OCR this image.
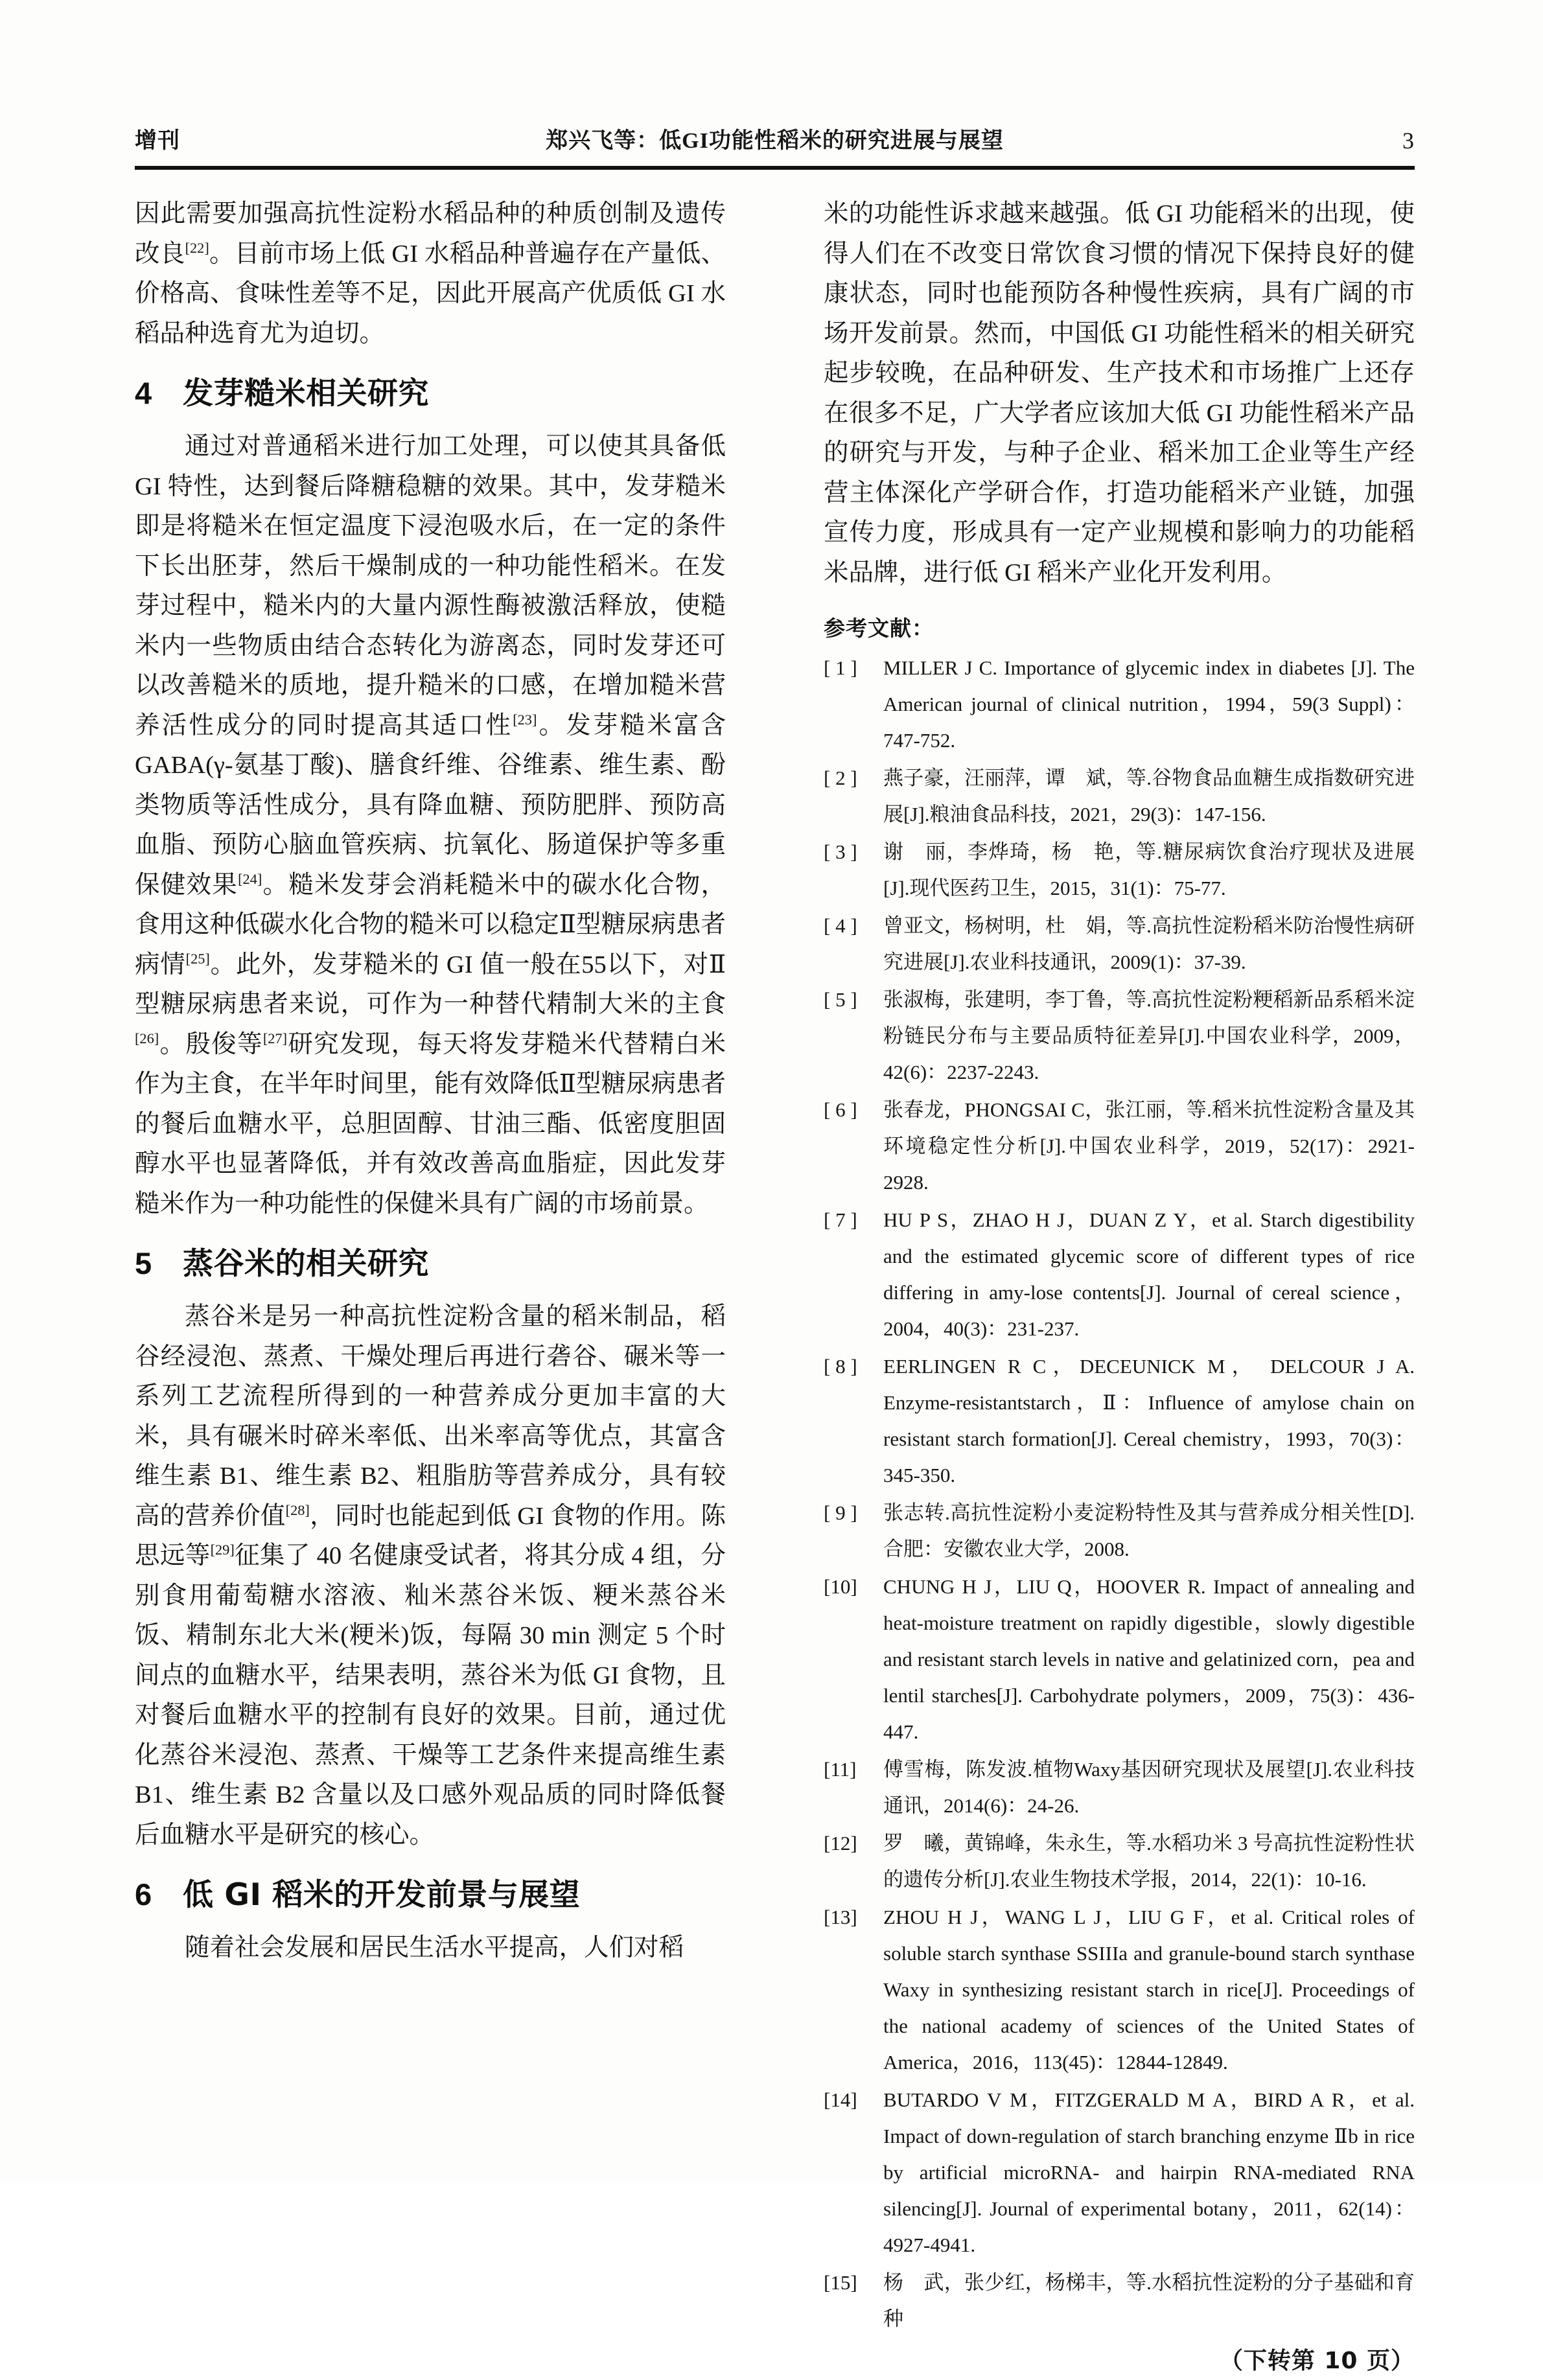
增刊	郑兴飞等：低GI功能性稻米的研究进展与展望	3

因此需要加强高抗性淀粉水稻品种的种质创制及遗传改良[22]。目前市场上低 GI 水稻品种普遍存在产量低、价格高、食味性差等不足，因此开展高产优质低 GI 水稻品种选育尤为迫切。

4 发芽糙米相关研究

通过对普通稻米进行加工处理，可以使其具备低 GI 特性，达到餐后降糖稳糖的效果。其中，发芽糙米即是将糙米在恒定温度下浸泡吸水后，在一定的条件下长出胚芽，然后干燥制成的一种功能性稻米。在发芽过程中，糙米内的大量内源性酶被激活释放，使糙米内一些物质由结合态转化为游离态，同时发芽还可以改善糙米的质地，提升糙米的口感，在增加糙米营养活性成分的同时提高其适口性[23]。发芽糙米富含GABA(γ-氨基丁酸)、膳食纤维、谷维素、维生素、酚类物质等活性成分，具有降血糖、预防肥胖、预防高血脂、预防心脑血管疾病、抗氧化、肠道保护等多重保健效果[24]。糙米发芽会消耗糙米中的碳水化合物，食用这种低碳水化合物的糙米可以稳定Ⅱ型糖尿病患者病情[25]。此外，发芽糙米的 GI 值一般在55以下，对Ⅱ型糖尿病患者来说，可作为一种替代精制大米的主食[26]。殷俊等[27]研究发现，每天将发芽糙米代替精白米作为主食，在半年时间里，能有效降低Ⅱ型糖尿病患者的餐后血糖水平，总胆固醇、甘油三酯、低密度胆固醇水平也显著降低，并有效改善高血脂症，因此发芽糙米作为一种功能性的保健米具有广阔的市场前景。

5 蒸谷米的相关研究

蒸谷米是另一种高抗性淀粉含量的稻米制品，稻谷经浸泡、蒸煮、干燥处理后再进行砻谷、碾米等一系列工艺流程所得到的一种营养成分更加丰富的大米，具有碾米时碎米率低、出米率高等优点，其富含维生素 B1、维生素 B2、粗脂肪等营养成分，具有较高的营养价值[28]，同时也能起到低 GI 食物的作用。陈思远等[29]征集了 40 名健康受试者，将其分成 4 组，分别食用葡萄糖水溶液、籼米蒸谷米饭、粳米蒸谷米饭、精制东北大米(粳米)饭，每隔 30 min 测定 5 个时间点的血糖水平，结果表明，蒸谷米为低 GI 食物，且对餐后血糖水平的控制有良好的效果。目前，通过优化蒸谷米浸泡、蒸煮、干燥等工艺条件来提高维生素 B1、维生素 B2 含量以及口感外观品质的同时降低餐后血糖水平是研究的核心。

6 低 GI 稻米的开发前景与展望

随着社会发展和居民生活水平提高，人们对稻

米的功能性诉求越来越强。低 GI 功能稻米的出现，使得人们在不改变日常饮食习惯的情况下保持良好的健康状态，同时也能预防各种慢性疾病，具有广阔的市场开发前景。然而，中国低 GI 功能性稻米的相关研究起步较晚，在品种研发、生产技术和市场推广上还存在很多不足，广大学者应该加大低 GI 功能性稻米产品的研究与开发，与种子企业、稻米加工企业等生产经营主体深化产学研合作，打造功能稻米产业链，加强宣传力度，形成具有一定产业规模和影响力的功能稻米品牌，进行低 GI 稻米产业化开发利用。

参考文献：
[ 1 ]	MILLER J C. Importance of glycemic index in diabetes [J]. The American journal of clinical nutrition，1994，59(3 Suppl)：747-752.
[ 2 ]	燕子豪，汪丽萍，谭　斌，等.谷物食品血糖生成指数研究进展[J].粮油食品科技，2021，29(3)：147-156.
[ 3 ]	谢　丽，李烨琦，杨　艳，等.糖尿病饮食治疗现状及进展 [J].现代医药卫生，2015，31(1)：75-77.
[ 4 ]	曾亚文，杨树明，杜　娟，等.高抗性淀粉稻米防治慢性病研究进展[J].农业科技通讯，2009(1)：37-39.
[ 5 ]	张淑梅，张建明，李丁鲁，等.高抗性淀粉粳稻新品系稻米淀粉链民分布与主要品质特征差异[J].中国农业科学，2009，42(6)：2237-2243.
[ 6 ]	张春龙，PHONGSAI C，张江丽，等.稻米抗性淀粉含量及其环境稳定性分析[J].中国农业科学，2019，52(17)：2921-2928.
[ 7 ]	HU P S，ZHAO H J，DUAN Z Y，et al. Starch digestibility and the estimated glycemic score of different types of rice differing in amy-lose contents[J]. Journal of cereal science，2004，40(3)：231-237.
[ 8 ]	EERLINGEN R C，DECEUNICK M， DELCOUR J A. Enzyme-resistantstarch，Ⅱ：Influence of amylose chain on resistant starch formation[J]. Cereal chemistry，1993，70(3)：345-350.
[ 9 ]	张志转.高抗性淀粉小麦淀粉特性及其与营养成分相关性[D].合肥：安徽农业大学，2008.
[10]	CHUNG H J，LIU Q，HOOVER R. Impact of annealing and heat-moisture treatment on rapidly digestible，slowly digestible and resistant starch levels in native and gelatinized corn，pea and lentil starches[J]. Carbohydrate polymers，2009，75(3)：436-447.
[11]	傅雪梅，陈发波.植物Waxy基因研究现状及展望[J].农业科技通讯，2014(6)：24-26.
[12]	罗　曦，黄锦峰，朱永生，等.水稻功米 3 号高抗性淀粉性状的遗传分析[J].农业生物技术学报，2014，22(1)：10-16.
[13]	ZHOU H J，WANG L J，LIU G F，et al. Critical roles of soluble starch synthase SSIIIa and granule-bound starch synthase Waxy in synthesizing resistant starch in rice[J]. Proceedings of the national academy of sciences of the United States of America，2016，113(45)：12844-12849.
[14]	BUTARDO V M，FITZGERALD M A，BIRD A R，et al. Impact of down-regulation of starch branching enzyme Ⅱb in rice by artificial microRNA- and hairpin RNA-mediated RNA silencing[J]. Journal of experimental botany，2011，62(14)：4927-4941.
[15]	杨　武，张少红，杨梯丰，等.水稻抗性淀粉的分子基础和育种
（下转第 10 页）
